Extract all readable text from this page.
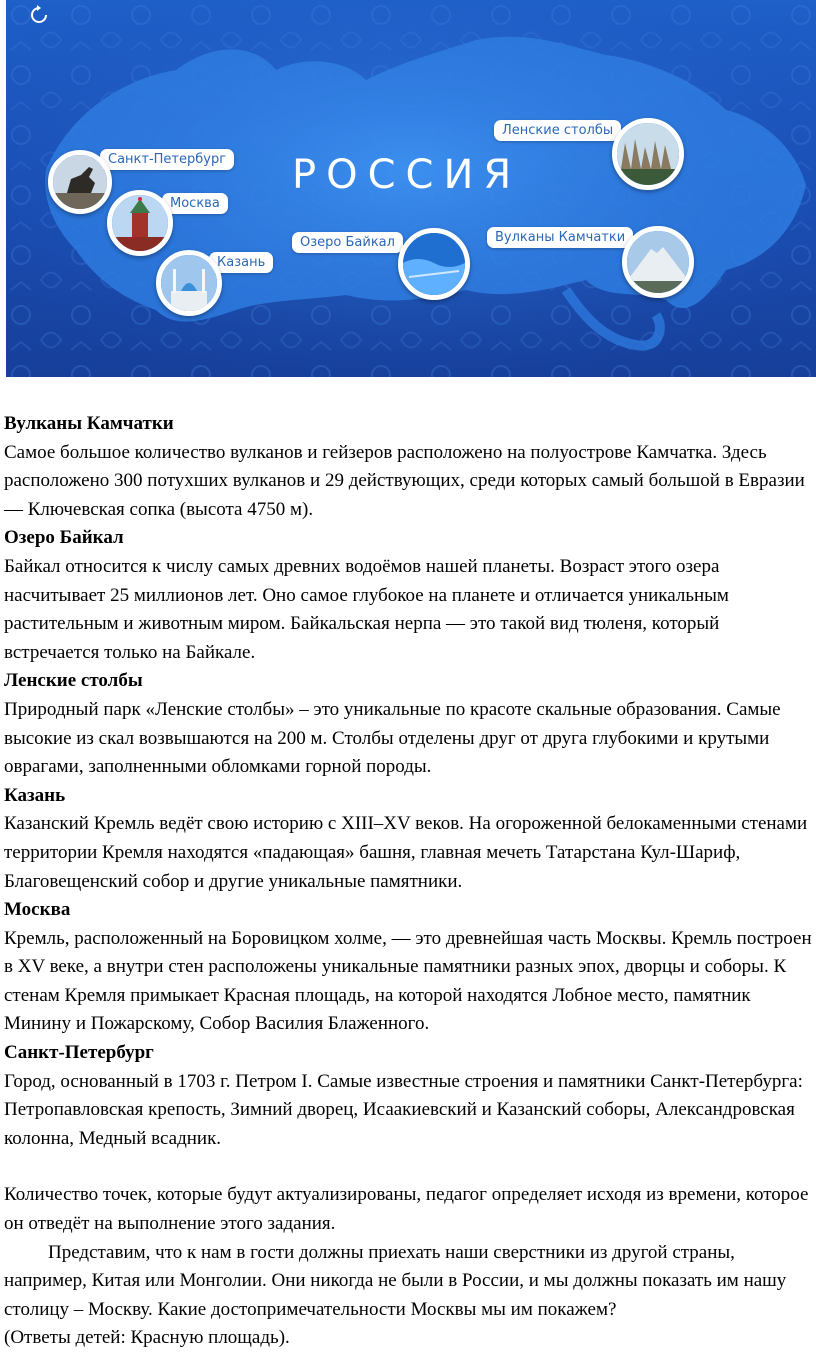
РОССИЯ
Санкт-Петербург
Москва
Казань
Озеро Байкал
Ленские столбы
Вулканы Камчатки

Вулканы Камчатки

Самое большое количество вулканов и гейзеров расположено на полуострове Камчатка. Здесь расположено 300 потухших вулканов и 29 действующих, среди которых самый большой в Евразии — Ключевская сопка (высота 4750 м).

Озеро Байкал

Байкал относится к числу самых древних водоёмов нашей планеты. Возраст этого озера насчитывает 25 миллионов лет. Оно самое глубокое на планете и отличается уникальным растительным и животным миром. Байкальская нерпа — это такой вид тюленя, который встречается только на Байкале.

Ленские столбы

Природный парк «Ленские столбы» – это уникальные по красоте скальные образования. Самые высокие из скал возвышаются на 200 м. Столбы отделены друг от друга глубокими и крутыми оврагами, заполненными обломками горной породы.

Казань

Казанский Кремль ведёт свою историю с XIII–XV веков. На огороженной белокаменными стенами территории Кремля находятся «падающая» башня, главная мечеть Татарстана Кул-Шариф, Благовещенский собор и другие уникальные памятники.

Москва

Кремль, расположенный на Боровицком холме, — это древнейшая часть Москвы. Кремль построен в XV веке, а внутри стен расположены уникальные памятники разных эпох, дворцы и соборы. К стенам Кремля примыкает Красная площадь, на которой находятся Лобное место, памятник Минину и Пожарскому, Собор Василия Блаженного.

Санкт-Петербург

Город, основанный в 1703 г. Петром I. Самые известные строения и памятники Санкт-Петербурга: Петропавловская крепость, Зимний дворец, Исаакиевский и Казанский соборы, Александровская колонна, Медный всадник.

Количество точек, которые будут актуализированы, педагог определяет исходя из времени, которое он отведёт на выполнение этого задания.

Представим, что к нам в гости должны приехать наши сверстники из другой страны, например, Китая или Монголии. Они никогда не были в России, и мы должны показать им нашу столицу – Москву. Какие достопримечательности Москвы мы им покажем?

(Ответы детей: Красную площадь).
